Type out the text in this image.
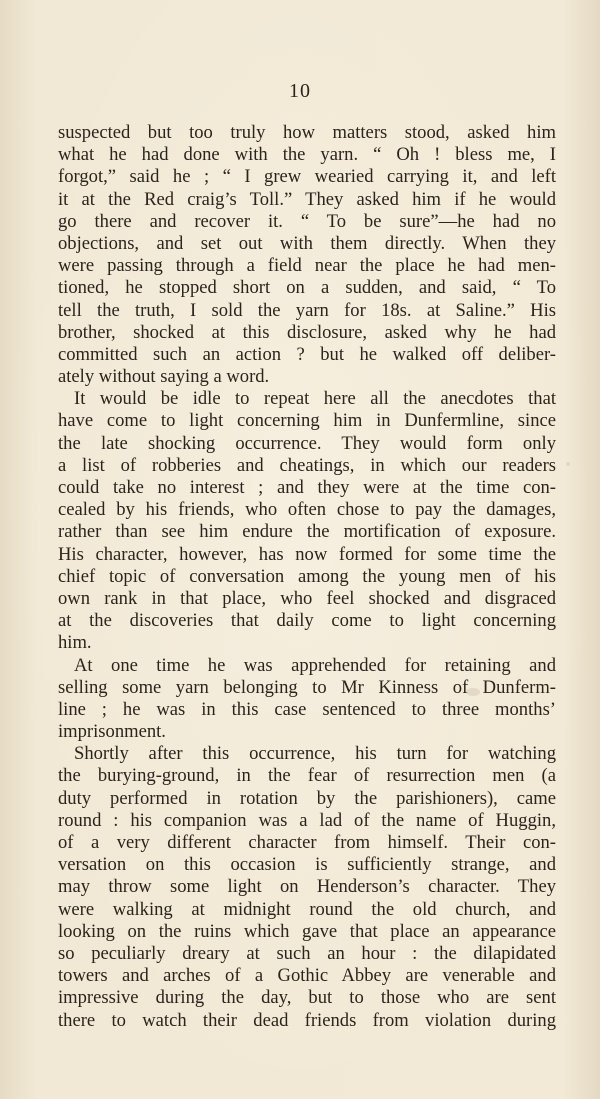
10
suspected but too truly how matters stood, asked him
what he had done with the yarn. “ Oh ! bless me, I
forgot,” said he ; “ I grew wearied carrying it, and left
it at the Red craig’s Toll.” They asked him if he would
go there and recover it. “ To be sure”—he had no
objections, and set out with them directly. When they
were passing through a field near the place he had men-
tioned, he stopped short on a sudden, and said, “ To
tell the truth, I sold the yarn for 18s. at Saline.” His
brother, shocked at this disclosure, asked why he had
committed such an action ? but he walked off deliber-
ately without saying a word.
It would be idle to repeat here all the anecdotes that
have come to light concerning him in Dunfermline, since
the late shocking occurrence. They would form only
a list of robberies and cheatings, in which our readers
could take no interest ; and they were at the time con-
cealed by his friends, who often chose to pay the damages,
rather than see him endure the mortification of exposure.
His character, however, has now formed for some time the
chief topic of conversation among the young men of his
own rank in that place, who feel shocked and disgraced
at the discoveries that daily come to light concerning
him.
At one time he was apprehended for retaining and
selling some yarn belonging to Mr Kinness of Dunferm-
line ; he was in this case sentenced to three months’
imprisonment.
Shortly after this occurrence, his turn for watching
the burying-ground, in the fear of resurrection men (a
duty performed in rotation by the parishioners), came
round : his companion was a lad of the name of Huggin,
of a very different character from himself. Their con-
versation on this occasion is sufficiently strange, and
may throw some light on Henderson’s character. They
were walking at midnight round the old church, and
looking on the ruins which gave that place an appearance
so peculiarly dreary at such an hour : the dilapidated
towers and arches of a Gothic Abbey are venerable and
impressive during the day, but to those who are sent
there to watch their dead friends from violation during
